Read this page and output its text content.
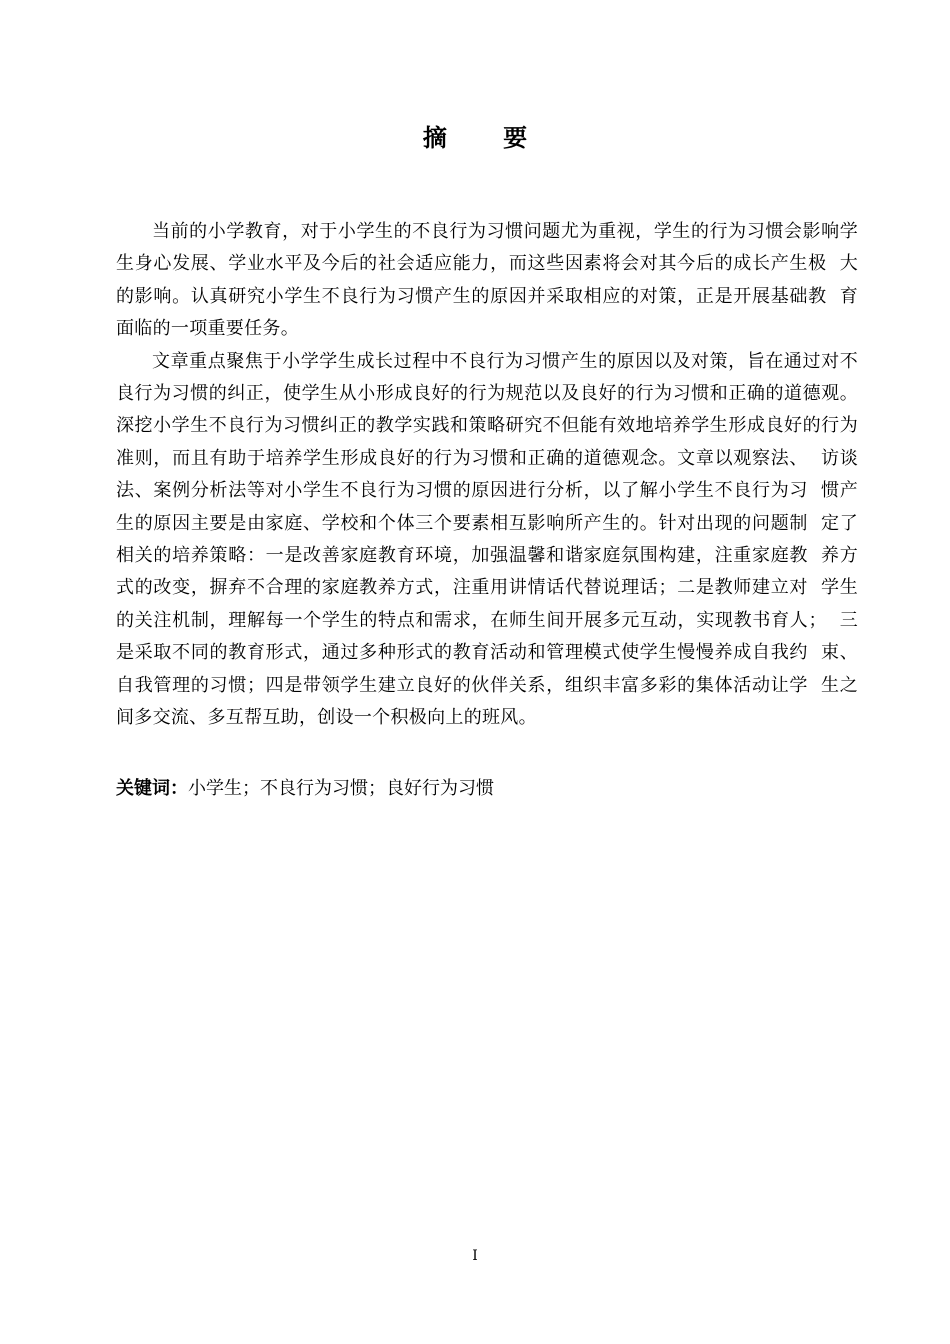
摘 要

当前的小学教育，对于小学生的不良行为习惯问题尤为重视，学生的行为习惯会影响学生身心发展、学业水平及今后的社会适应能力，而这些因素将会对其今后的成长产生极  大的影响。认真研究小学生不良行为习惯产生的原因并采取相应的对策，正是开展基础教  育面临的一项重要任务。

文章重点聚焦于小学学生成长过程中不良行为习惯产生的原因以及对策，旨在通过对不良行为习惯的纠正，使学生从小形成良好的行为规范以及良好的行为习惯和正确的道德观。深挖小学生不良行为习惯纠正的教学实践和策略研究不但能有效地培养学生形成良好的行为准则，而且有助于培养学生形成良好的行为习惯和正确的道德观念。文章以观察法、  访谈法、案例分析法等对小学生不良行为习惯的原因进行分析，以了解小学生不良行为习  惯产生的原因主要是由家庭、学校和个体三个要素相互影响所产生的。针对出现的问题制  定了相关的培养策略：一是改善家庭教育环境，加强温馨和谐家庭氛围构建，注重家庭教  养方式的改变，摒弃不合理的家庭教养方式，注重用讲情话代替说理话；二是教师建立对  学生的关注机制，理解每一个学生的特点和需求，在师生间开展多元互动，实现教书育人；  三是采取不同的教育形式，通过多种形式的教育活动和管理模式使学生慢慢养成自我约  束、自我管理的习惯；四是带领学生建立良好的伙伴关系，组织丰富多彩的集体活动让学  生之间多交流、多互帮互助，创设一个积极向上的班风。

关键词：小学生；不良行为习惯；良好行为习惯
I
